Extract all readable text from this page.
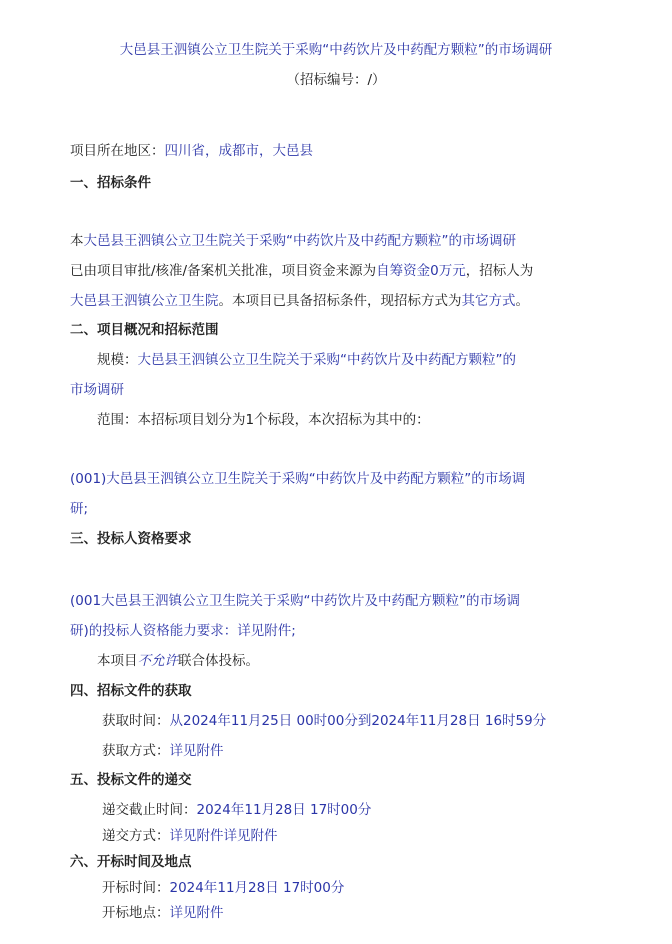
大邑县王泗镇公立卫生院关于采购“中药饮片及中药配方颗粒”的市场调研
（招标编号：/）
项目所在地区：四川省，成都市，大邑县
一、招标条件
本大邑县王泗镇公立卫生院关于采购“中药饮片及中药配方颗粒”的市场调研
已由项目审批/核准/备案机关批准，项目资金来源为自筹资金0万元，招标人为
大邑县王泗镇公立卫生院。本项目已具备招标条件，现招标方式为其它方式。
二、项目概况和招标范围
规模：大邑县王泗镇公立卫生院关于采购“中药饮片及中药配方颗粒”的
市场调研
范围：本招标项目划分为1个标段，本次招标为其中的：
(001)大邑县王泗镇公立卫生院关于采购“中药饮片及中药配方颗粒”的市场调
研;
三、投标人资格要求
(001大邑县王泗镇公立卫生院关于采购“中药饮片及中药配方颗粒”的市场调
研)的投标人资格能力要求：详见附件;
本项目不允许联合体投标。
四、招标文件的获取
获取时间：从2024年11月25日 00时00分到2024年11月28日 16时59分
获取方式：详见附件
五、投标文件的递交
递交截止时间：2024年11月28日 17时00分
递交方式：详见附件详见附件
六、开标时间及地点
开标时间：2024年11月28日 17时00分
开标地点：详见附件
